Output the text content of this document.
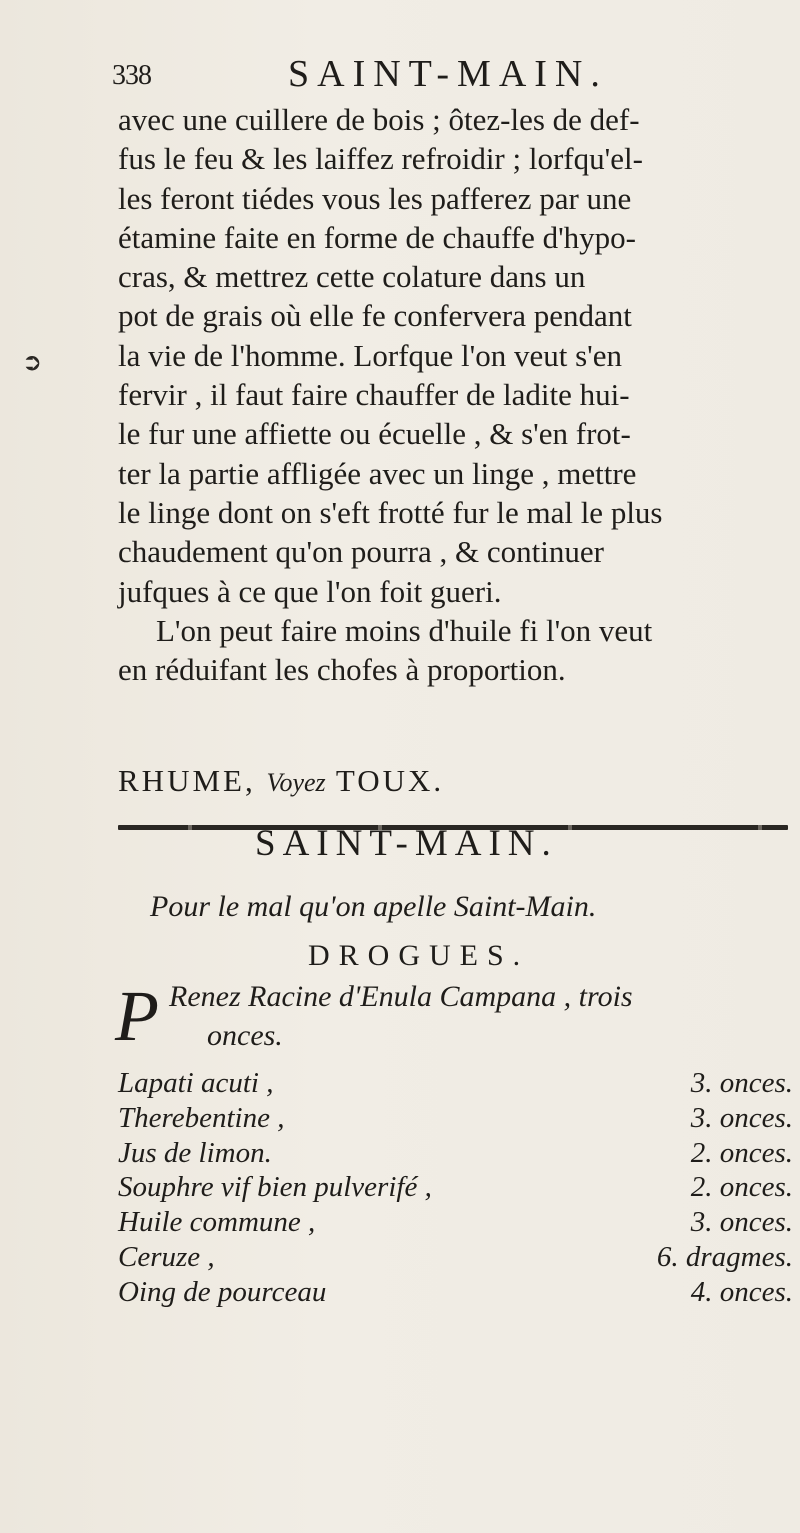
338	SAINT-MAIN.
➲
avec une cuillere de bois ; ôtez-les de def-
fus le feu & les laiffez refroidir ; lorfqu'el-
les feront tiédes vous les pafferez par une
étamine faite en forme de chauffe d'hypo-
cras, & mettrez cette colature dans un
pot de grais où elle fe confervera pendant
la vie de l'homme. Lorfque l'on veut s'en
fervir , il faut faire chauffer de ladite hui-
le fur une affiette ou écuelle , & s'en frot-
ter la partie affligée avec un linge , mettre
le linge dont on s'eft frotté fur le mal le plus
chaudement qu'on pourra , & continuer
jufques à ce que l'on foit gueri.
L'on peut faire moins d'huile fi l'on veut
en réduifant les chofes à proportion.
RHUME, Voyez TOUX.
SAINT-MAIN.
Pour le mal qu'on apelle Saint-Main.
DROGUES.
P Renez Racine d'Enula Campana , trois
onces.
Lapati acuti ,	3. onces.
Therebentine ,	3. onces.
Jus de limon.	2. onces.
Souphre vif bien pulverifé ,	2. onces.
Huile commune ,	3. onces.
Ceruze ,	6. dragmes.
Oing de pourceau	4. onces.
